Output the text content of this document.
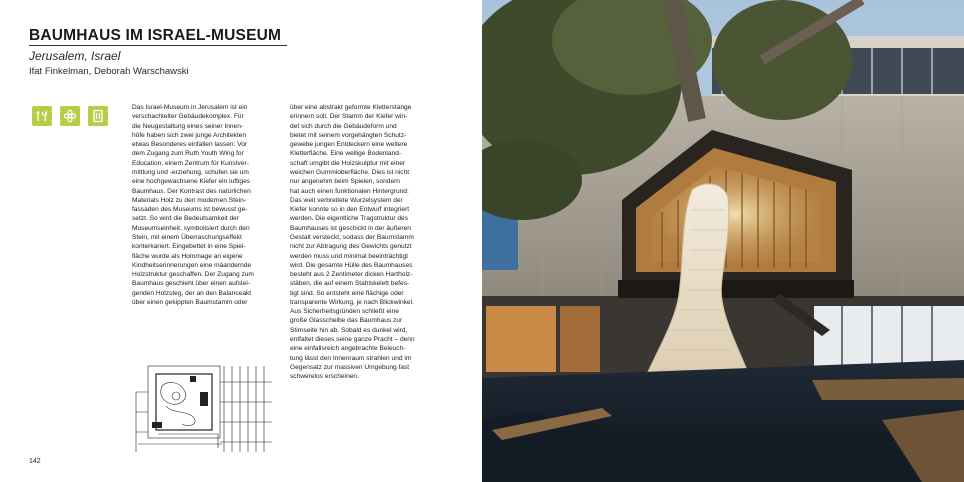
BAUMHAUS IM ISRAEL-MUSEUM
Jerusalem, Israel
Ifat Finkelman, Deborah Warschawski
Das Israel-Museum in Jerusalem ist ein
verschachtelter Gebäudekomplex. Für
die Neugestaltung eines seiner Innen-
höfe haben sich zwei junge Architekten
etwas Besonderes einfallen lassen: Vor
dem Zugang zum Ruth Youth Wing for
Education, einem Zentrum für Kunstver-
mittlung und -erziehung, schufen sie um
eine hochgewachsene Kiefer ein luftiges
Baumhaus. Der Kontrast des natürlichen
Materials Holz zu den modernen Stein-
fassaden des Museums ist bewusst ge-
setzt. So wird die Bedeutsamkeit der
Museumseinheit, symbolisiert durch den
Stein, mit einem Überraschungseffekt
konterkariert. Eingebettet in eine Spiel-
fläche wurde als Hommage an eigene
Kindheitserinnerungen eine mäandernde
Holzstruktur geschaffen. Der Zugang zum
Baumhaus geschieht über einen aufstei-
genden Holzsteg, der an den Balanceakt
über einen gekippten Baumstamm oder
über eine abstrakt geformte Kletterstange
erinnern soll. Der Stamm der Kiefer win-
det sich durch die Gebäudeform und
bietet mit seinem vorgehängten Schutz-
gewebe jungen Entdeckern eine weitere
Kletterfläche. Eine wellige Bodenland-
schaft umgibt die Holzskulptur mit einer
weichen Gummioberfläche. Dies ist nicht
nur angenehm beim Spielen, sondern
hat auch einen funktionalen Hintergrund:
Das weit verbreitete Wurzelsystem der
Kiefer konnte so in den Entwurf integriert
werden. Die eigentliche Tragstruktur des
Baumhauses ist geschickt in der äußeren
Gestalt versteckt, sodass der Baumstamm
nicht zur Abtragung des Gewichts genutzt
werden muss und minimal beeinträchtigt
wird. Die gesamte Hülle des Baumhauses
besteht aus 2 Zentimeter dicken Hartholz-
stäben, die auf einem Stahlskelett befes-
tigt sind. So entsteht eine flächige oder
transparente Wirkung, je nach Blickwinkel.
Aus Sicherheitsgründen schließt eine
große Glasscheibe das Baumhaus zur
Stirnseite hin ab. Sobald es dunkel wird,
entfaltet dieses seine ganze Pracht – denn
eine einfallsreich angebrachte Beleuch-
tung lässt den Innenraum strahlen und im
Gegensatz zur massiven Umgebung fast
schwerelos erscheinen.
142
